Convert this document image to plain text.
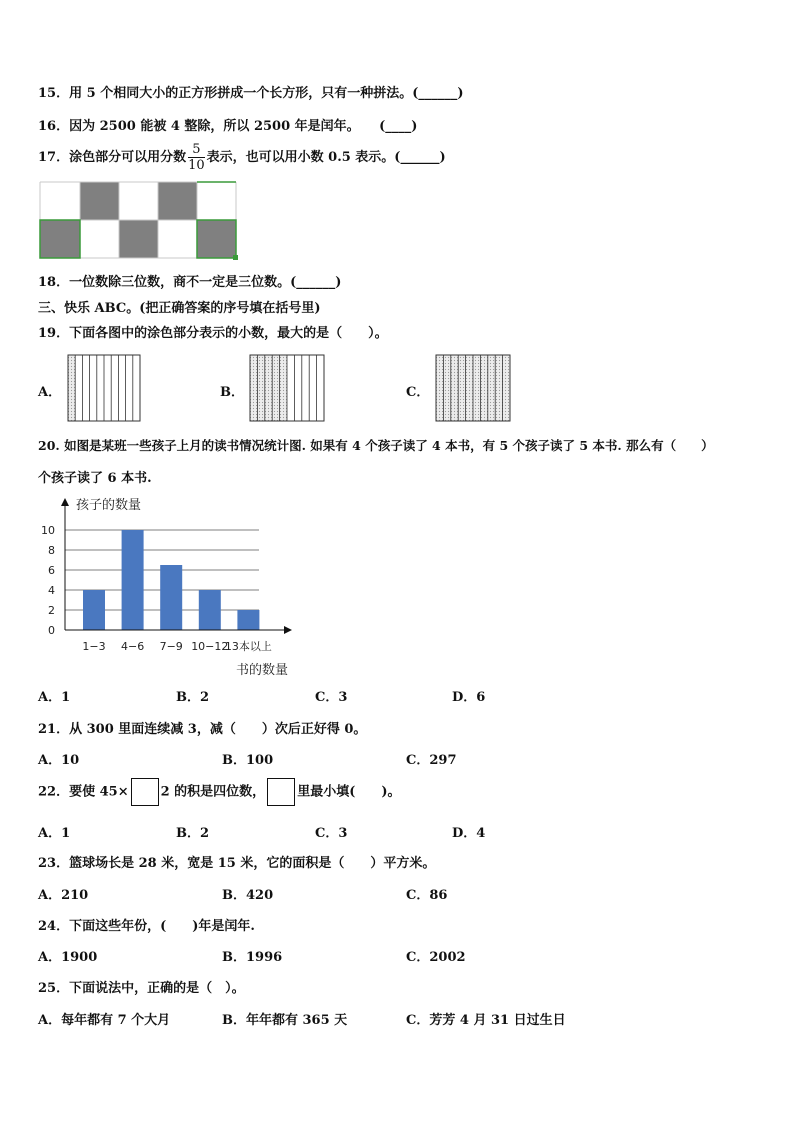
15．用 5 个相同大小的正方形拼成一个长方形，只有一种拼法。(______)
16．因为 2500 能被 4 整除，所以 2500 年是闰年。　　(____)
17．涂色部分可以用分数 $\frac{5}{10}$ 表示，也可以用小数 0.5 表示。(______)
18．一位数除三位数，商不一定是三位数。(______)
三、快乐 ABC。(把正确答案的序号填在括号里)
19．下面各图中的涂色部分表示的小数，最大的是（　　）。
A．	B．	C．
20. 如图是某班一些孩子上月的读书情况统计图. 如果有 4 个孩子读了 4 本书，有 5 个孩子读了 5 本书. 那么有（　　）
个孩子读了 6 本书.
孩子的数量
书的数量
0
2
4
6
8
10
1−3 4−6 7−9 10−12
13本以上
A．1	B．2	C．3	D．6
21．从 300 里面连续减 3，减（　　）次后正好得 0。
A．10	B．100	C．297
22．要使 45× 2 的积是四位数， 里最小填(　　)。
A．1	B．2	C．3	D．4
23．篮球场长是 28 米，宽是 15 米，它的面积是（　　）平方米。
A．210	B．420	C．86
24．下面这些年份，(　　)年是闰年.
A．1900	B．1996	C．2002
25．下面说法中，正确的是（　）。
A．每年都有 7 个大月	B．年年都有 365 天	C．芳芳 4 月 31 日过生日
